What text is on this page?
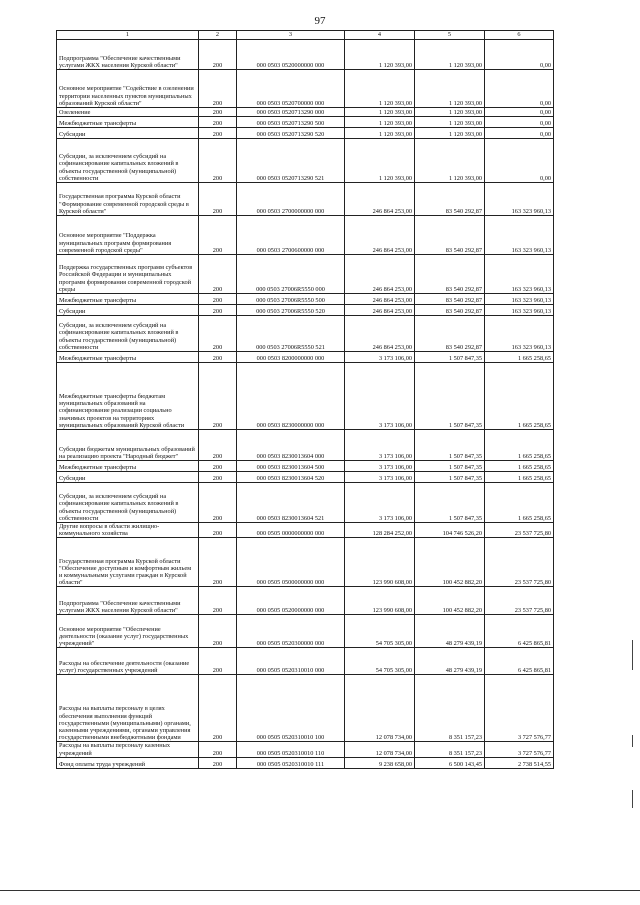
97
1	2	3	4	5	6
Подпрограмма "Обеспечение качественными услугами ЖКХ населения Курской области"	200	000 0503 0520000000 000	1 120 393,00	1 120 393,00	0,00
Основное мероприятие "Содействие в озеленении территории населенных пунктов муниципальных образований Курской области"	200	000 0503 0520700000 000	1 120 393,00	1 120 393,00	0,00
Озеленение	200	000 0503 0520713290 000	1 120 393,00	1 120 393,00	0,00
Межбюджетные трансферты	200	000 0503 0520713290 500	1 120 393,00	1 120 393,00	0,00
Субсидии	200	000 0503 0520713290 520	1 120 393,00	1 120 393,00	0,00
Субсидии, за исключением субсидий на софинансирование капитальных вложений в объекты государственной (муниципальной) собственности	200	000 0503 0520713290 521	1 120 393,00	1 120 393,00	0,00
Государственная программа Курской области "Формирование современной городской среды в Курской области"	200	000 0503 2700000000 000	246 864 253,00	83 540 292,87	163 323 960,13
Основное мероприятие "Поддержка муниципальных программ формирования современной городской среды"	200	000 0503 2700600000 000	246 864 253,00	83 540 292,87	163 323 960,13
Поддержка государственных программ субъектов Российской Федерации и муниципальных программ формирования современной городской среды	200	000 0503 27006R5550 000	246 864 253,00	83 540 292,87	163 323 960,13
Межбюджетные трансферты	200	000 0503 27006R5550 500	246 864 253,00	83 540 292,87	163 323 960,13
Субсидии	200	000 0503 27006R5550 520	246 864 253,00	83 540 292,87	163 323 960,13
Субсидии, за исключением субсидий на софинансирование капитальных вложений в объекты государственной (муниципальной) собственности	200	000 0503 27006R5550 521	246 864 253,00	83 540 292,87	163 323 960,13
Межбюджетные трансферты	200	000 0503 8200000000 000	3 173 106,00	1 507 847,35	1 665 258,65
Межбюджетные трансферты бюджетам муниципальных образований на софинансирование реализации социально значимых проектов на территориях муниципальных образований Курской области	200	000 0503 8230000000 000	3 173 106,00	1 507 847,35	1 665 258,65
Субсидии бюджетам муниципальных образований на реализацию проекта "Народный бюджет"	200	000 0503 8230013604 000	3 173 106,00	1 507 847,35	1 665 258,65
Межбюджетные трансферты	200	000 0503 8230013604 500	3 173 106,00	1 507 847,35	1 665 258,65
Субсидии	200	000 0503 8230013604 520	3 173 106,00	1 507 847,35	1 665 258,65
Субсидии, за исключением субсидий на софинансирование капитальных вложений в объекты государственной (муниципальной) собственности	200	000 0503 8230013604 521	3 173 106,00	1 507 847,35	1 665 258,65
Другие вопросы в области жилищно-коммунального хозяйства	200	000 0505 0000000000 000	128 284 252,00	104 746 526,20	23 537 725,80
Государственная программа Курской области "Обеспечение доступным и комфортным жильем и коммунальными услугами граждан в Курской области"	200	000 0505 0500000000 000	123 990 608,00	100 452 882,20	23 537 725,80
Подпрограмма "Обеспечение качественными услугами ЖКХ населения Курской области"	200	000 0505 0520000000 000	123 990 608,00	100 452 882,20	23 537 725,80
Основное мероприятие "Обеспечение деятельности (оказание услуг) государственных учреждений"	200	000 0505 0520300000 000	54 705 305,00	48 279 439,19	6 425 865,81
Расходы на обеспечение деятельности (оказание услуг) государственных учреждений	200	000 0505 0520310010 000	54 705 305,00	48 279 439,19	6 425 865,81
Расходы на выплаты персоналу в целях обеспечения выполнения функций государственными (муниципальными) органами, казенными учреждениями, органами управления государственными внебюджетными фондами	200	000 0505 0520310010 100	12 078 734,00	8 351 157,23	3 727 576,77
Расходы на выплаты персоналу казенных учреждений	200	000 0505 0520310010 110	12 078 734,00	8 351 157,23	3 727 576,77
Фонд оплаты труда учреждений	200	000 0505 0520310010 111	9 238 658,00	6 500 143,45	2 738 514,55
